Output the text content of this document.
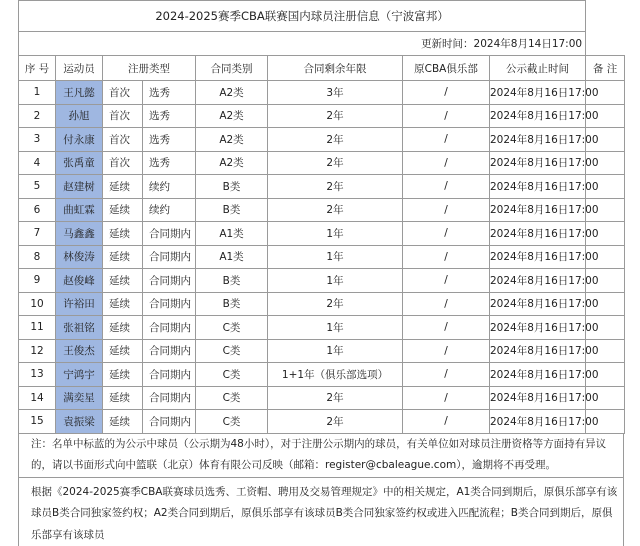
2024-2025赛季CBA联赛国内球员注册信息（宁波富邦）								
更新时间：2024年8月14日17:00								
序 号	运动员	注册类型		合同类别	合同剩余年限	原CBA俱乐部	公示截止时间	备 注
1	王凡懿	首次	选秀	A2类	3年	/	2024年8月16日17:00	
2	孙旭	首次	选秀	A2类	2年	/	2024年8月16日17:00	
3	付永康	首次	选秀	A2类	2年	/	2024年8月16日17:00	
4	张禹童	首次	选秀	A2类	2年	/	2024年8月16日17:00	
5	赵建树	延续	续约	B类	2年	/	2024年8月16日17:00	
6	曲虹霖	延续	续约	B类	2年	/	2024年8月16日17:00	
7	马鑫鑫	延续	合同期内	A1类	1年	/	2024年8月16日17:00	
8	林俊涛	延续	合同期内	A1类	1年	/	2024年8月16日17:00	
9	赵俊峰	延续	合同期内	B类	1年	/	2024年8月16日17:00	
10	许裕田	延续	合同期内	B类	2年	/	2024年8月16日17:00	
11	张祖铭	延续	合同期内	C类	1年	/	2024年8月16日17:00	
12	王俊杰	延续	合同期内	C类	1年	/	2024年8月16日17:00	
13	宁鸿宇	延续	合同期内	C类	1+1年（俱乐部选项）	/	2024年8月16日17:00	
14	满奕星	延续	合同期内	C类	2年	/	2024年8月16日17:00	
15	袁振梁	延续	合同期内	C类	2年	/	2024年8月16日17:00	
注：名单中标蓝的为公示中球员（公示期为48小时），对于注册公示期内的球员，有关单位如对球员注册资格等方面持有异议的，请以书面形式向中篮联（北京）体育有限公司反映（邮箱：register@cbaleague.com），逾期将不再受理。
根据《2024-2025赛季CBA联赛球员选秀、工资帽、聘用及交易管理规定》中的相关规定，A1类合同到期后，原俱乐部享有该球员B类合同独家签约权；A2类合同到期后，原俱乐部享有该球员B类合同独家签约权或进入匹配流程；B类合同到期后，原俱乐部享有该球员
